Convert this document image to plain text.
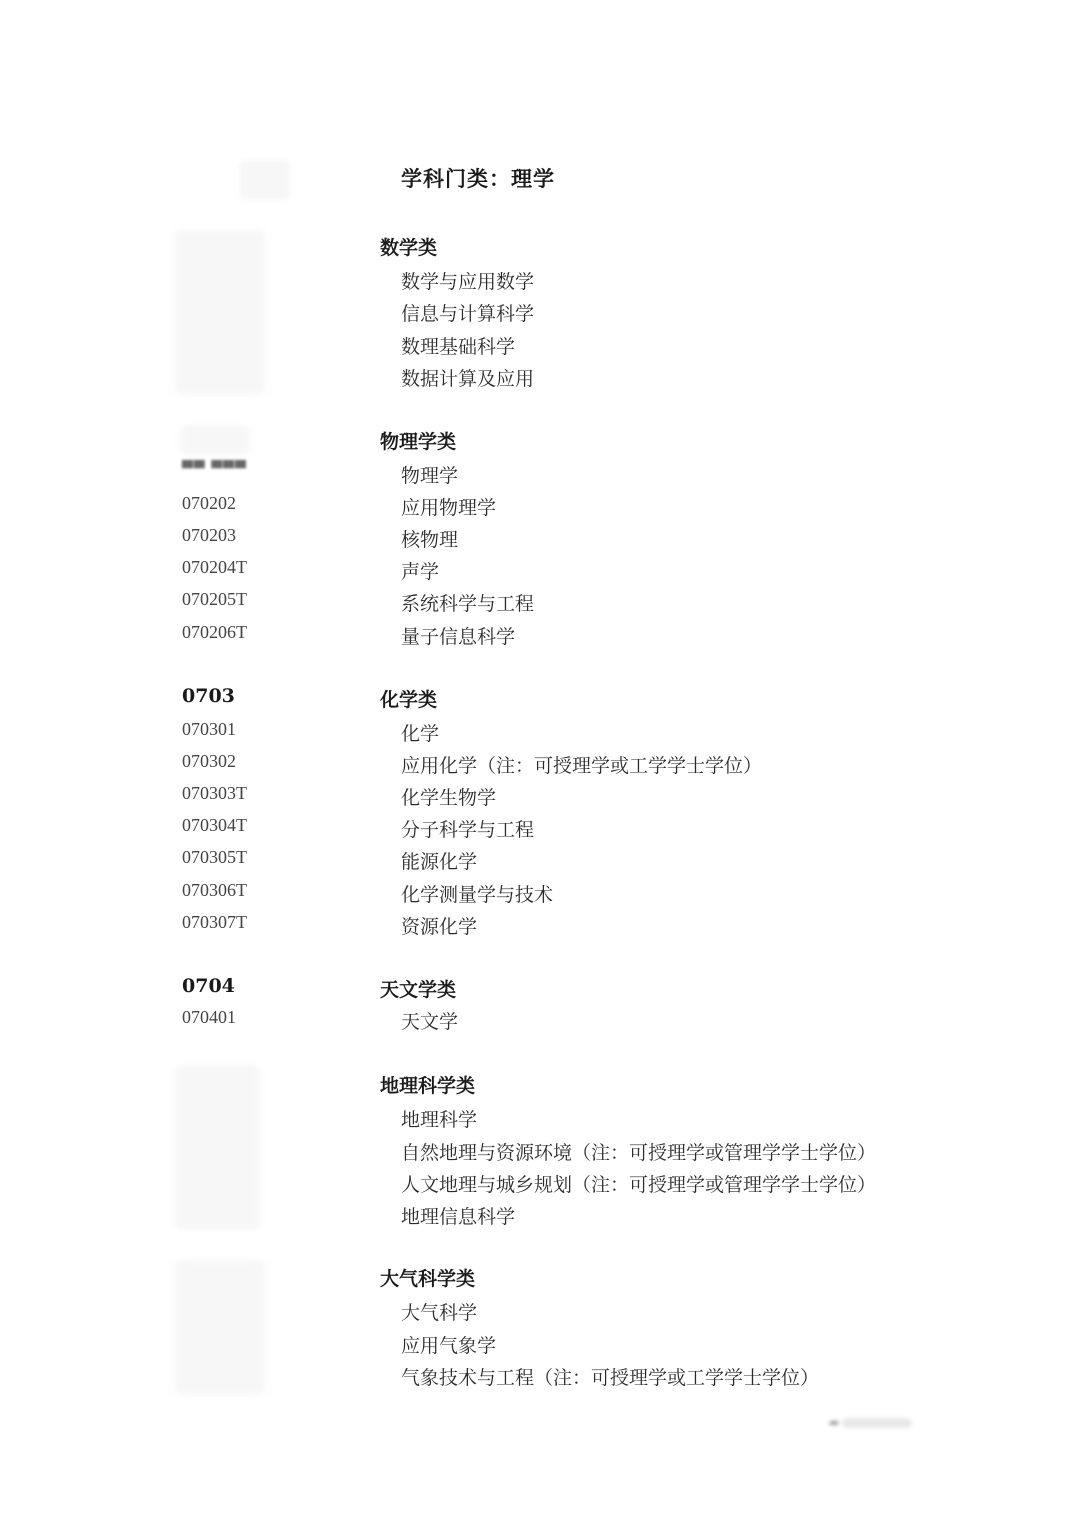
▀▀ ▀▀▀
学科门类：理学
数学类
数学与应用数学
信息与计算科学
数理基础科学
数据计算及应用
物理学类
物理学
070202	应用物理学
070203	核物理
070204T	声学
070205T	系统科学与工程
070206T	量子信息科学
0703	化学类
070301	化学
070302	应用化学（注：可授理学或工学学士学位）
070303T	化学生物学
070304T	分子科学与工程
070305T	能源化学
070306T	化学测量学与技术
070307T	资源化学
0704	天文学类
070401	天文学
地理科学类
地理科学
自然地理与资源环境（注：可授理学或管理学学士学位）
人文地理与城乡规划（注：可授理学或管理学学士学位）
地理信息科学
大气科学类
大气科学
应用气象学
气象技术与工程（注：可授理学或工学学士学位）
